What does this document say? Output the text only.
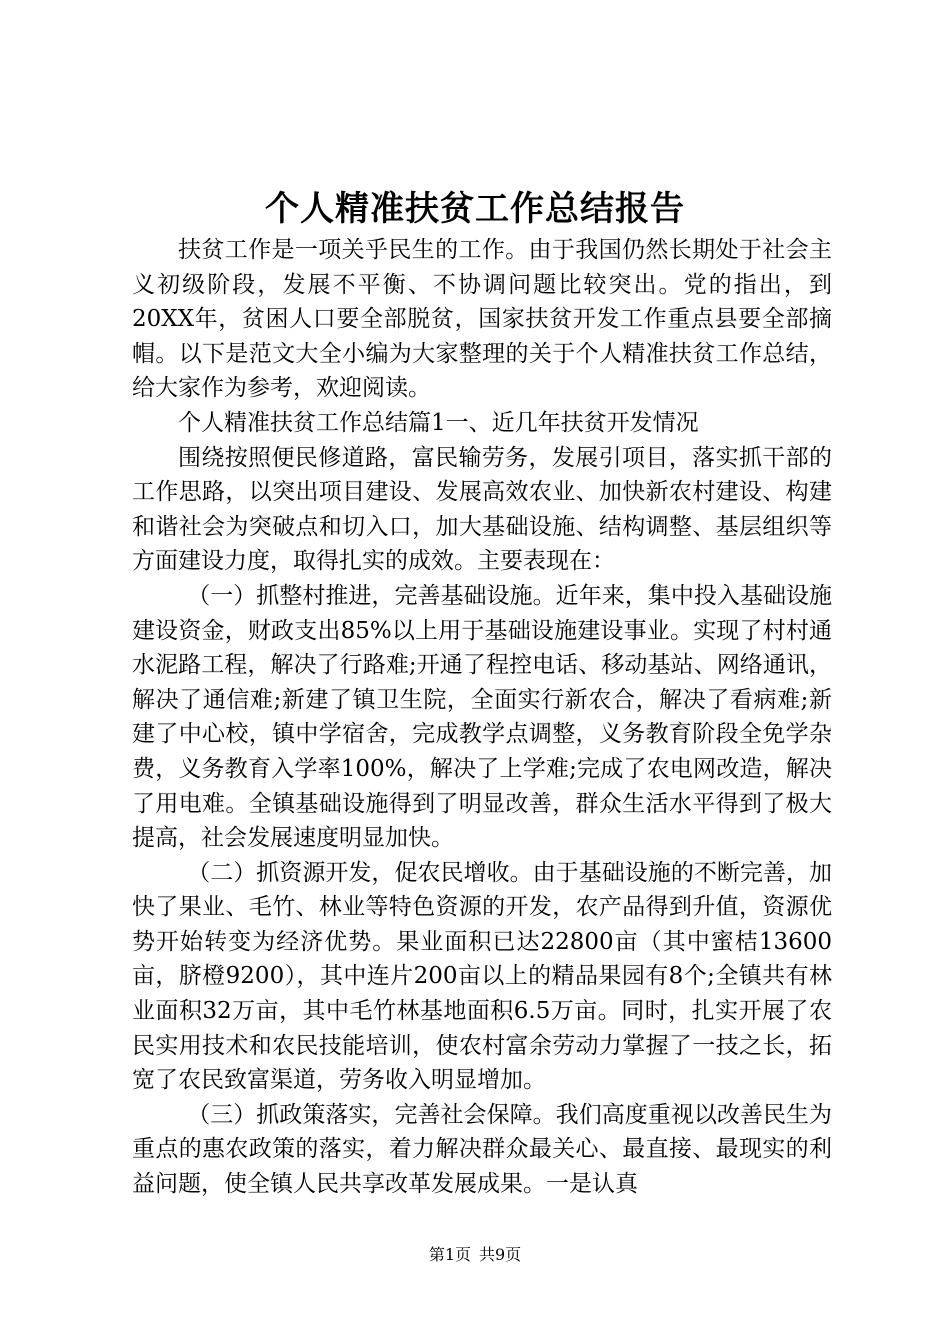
个人精准扶贫工作总结报告

扶贫工作是一项关乎民生的工作。由于我国仍然长期处于社会主义初级阶段，发展不平衡、不协调问题比较突出。党的指出，到20XX年，贫困人口要全部脱贫，国家扶贫开发工作重点县要全部摘帽。以下是范文大全小编为大家整理的关于个人精准扶贫工作总结，给大家作为参考，欢迎阅读。

个人精准扶贫工作总结篇1一、近几年扶贫开发情况

围绕按照便民修道路，富民输劳务，发展引项目，落实抓干部的工作思路，以突出项目建设、发展高效农业、加快新农村建设、构建和谐社会为突破点和切入口，加大基础设施、结构调整、基层组织等方面建设力度，取得扎实的成效。主要表现在：

（一）抓整村推进，完善基础设施。近年来，集中投入基础设施建设资金，财政支出85%以上用于基础设施建设事业。实现了村村通水泥路工程，解决了行路难;开通了程控电话、移动基站、网络通讯，解决了通信难;新建了镇卫生院，全面实行新农合，解决了看病难;新建了中心校，镇中学宿舍，完成教学点调整，义务教育阶段全免学杂费，义务教育入学率100%，解决了上学难;完成了农电网改造，解决了用电难。全镇基础设施得到了明显改善，群众生活水平得到了极大提高，社会发展速度明显加快。

（二）抓资源开发，促农民增收。由于基础设施的不断完善，加快了果业、毛竹、林业等特色资源的开发，农产品得到升值，资源优势开始转变为经济优势。果业面积已达22800亩（其中蜜桔13600亩，脐橙9200），其中连片200亩以上的精品果园有8个;全镇共有林业面积32万亩，其中毛竹林基地面积6.5万亩。同时，扎实开展了农民实用技术和农民技能培训，使农村富余劳动力掌握了一技之长，拓宽了农民致富渠道，劳务收入明显增加。

（三）抓政策落实，完善社会保障。我们高度重视以改善民生为重点的惠农政策的落实，着力解决群众最关心、最直接、最现实的利益问题，使全镇人民共享改革发展成果。一是认真

第1页 共9页
